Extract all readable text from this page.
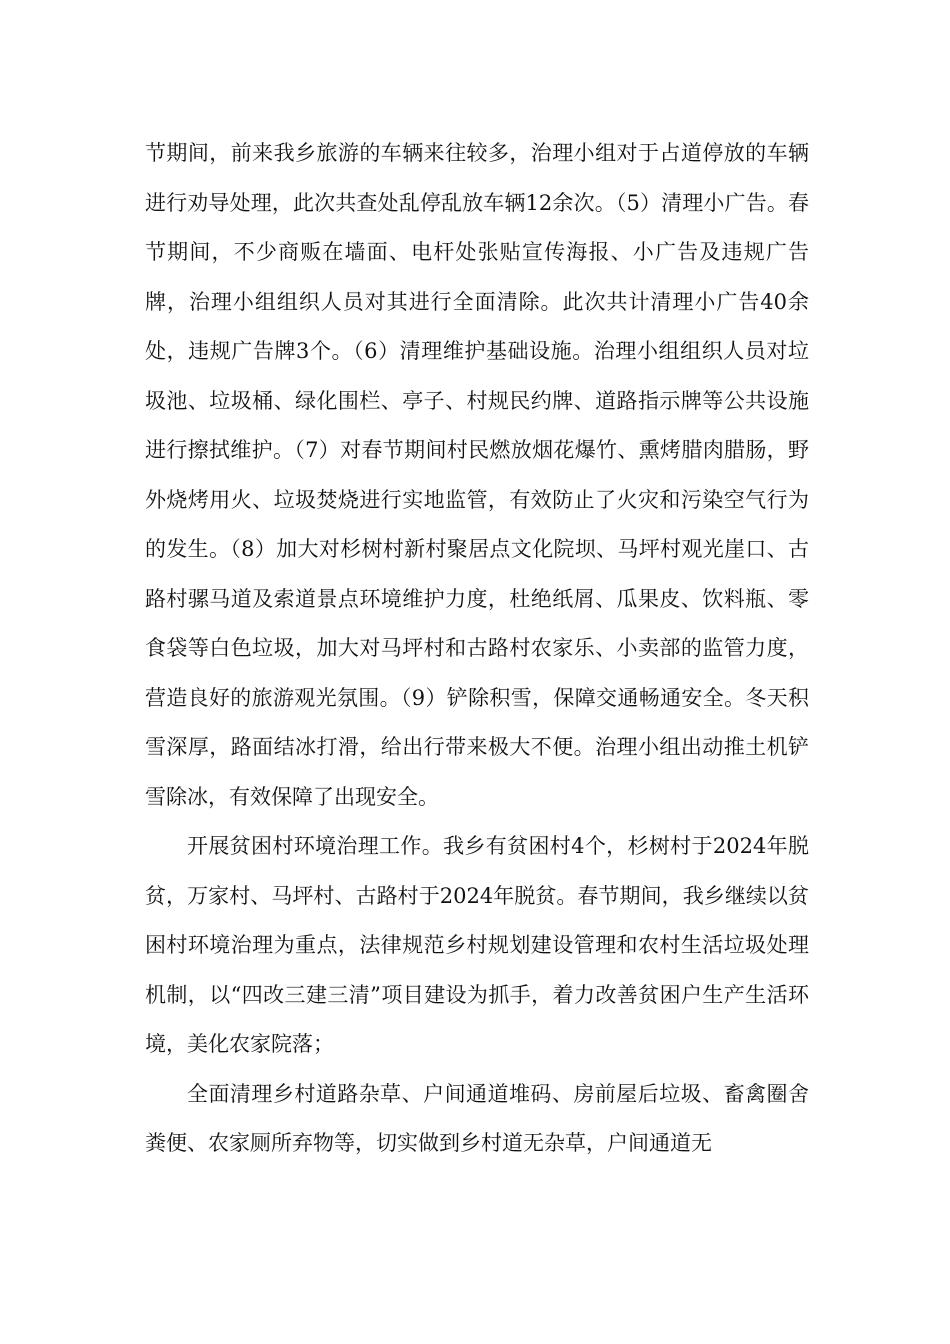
节期间，前来我乡旅游的车辆来往较多，治理小组对于占道停放的车辆进行劝导处理，此次共查处乱停乱放车辆12余次。（5）清理小广告。春节期间，不少商贩在墙面、电杆处张贴宣传海报、小广告及违规广告牌，治理小组组织人员对其进行全面清除。此次共计清理小广告40余处，违规广告牌3个。（6）清理维护基础设施。治理小组组织人员对垃圾池、垃圾桶、绿化围栏、亭子、村规民约牌、道路指示牌等公共设施进行擦拭维护。（7）对春节期间村民燃放烟花爆竹、熏烤腊肉腊肠，野外烧烤用火、垃圾焚烧进行实地监管，有效防止了火灾和污染空气行为的发生。（8）加大对杉树村新村聚居点文化院坝、马坪村观光崖口、古路村骡马道及索道景点环境维护力度，杜绝纸屑、瓜果皮、饮料瓶、零食袋等白色垃圾，加大对马坪村和古路村农家乐、小卖部的监管力度，营造良好的旅游观光氛围。（9）铲除积雪，保障交通畅通安全。冬天积雪深厚，路面结冰打滑，给出行带来极大不便。治理小组出动推土机铲雪除冰，有效保障了出现安全。

开展贫困村环境治理工作。我乡有贫困村4个，杉树村于2024年脱贫，万家村、马坪村、古路村于2024年脱贫。春节期间，我乡继续以贫困村环境治理为重点，法律规范乡村规划建设管理和农村生活垃圾处理机制，以“四改三建三清”项目建设为抓手，着力改善贫困户生产生活环境，美化农家院落；

全面清理乡村道路杂草、户间通道堆码、房前屋后垃圾、畜禽圈舍粪便、农家厕所弃物等，切实做到乡村道无杂草，户间通道无
